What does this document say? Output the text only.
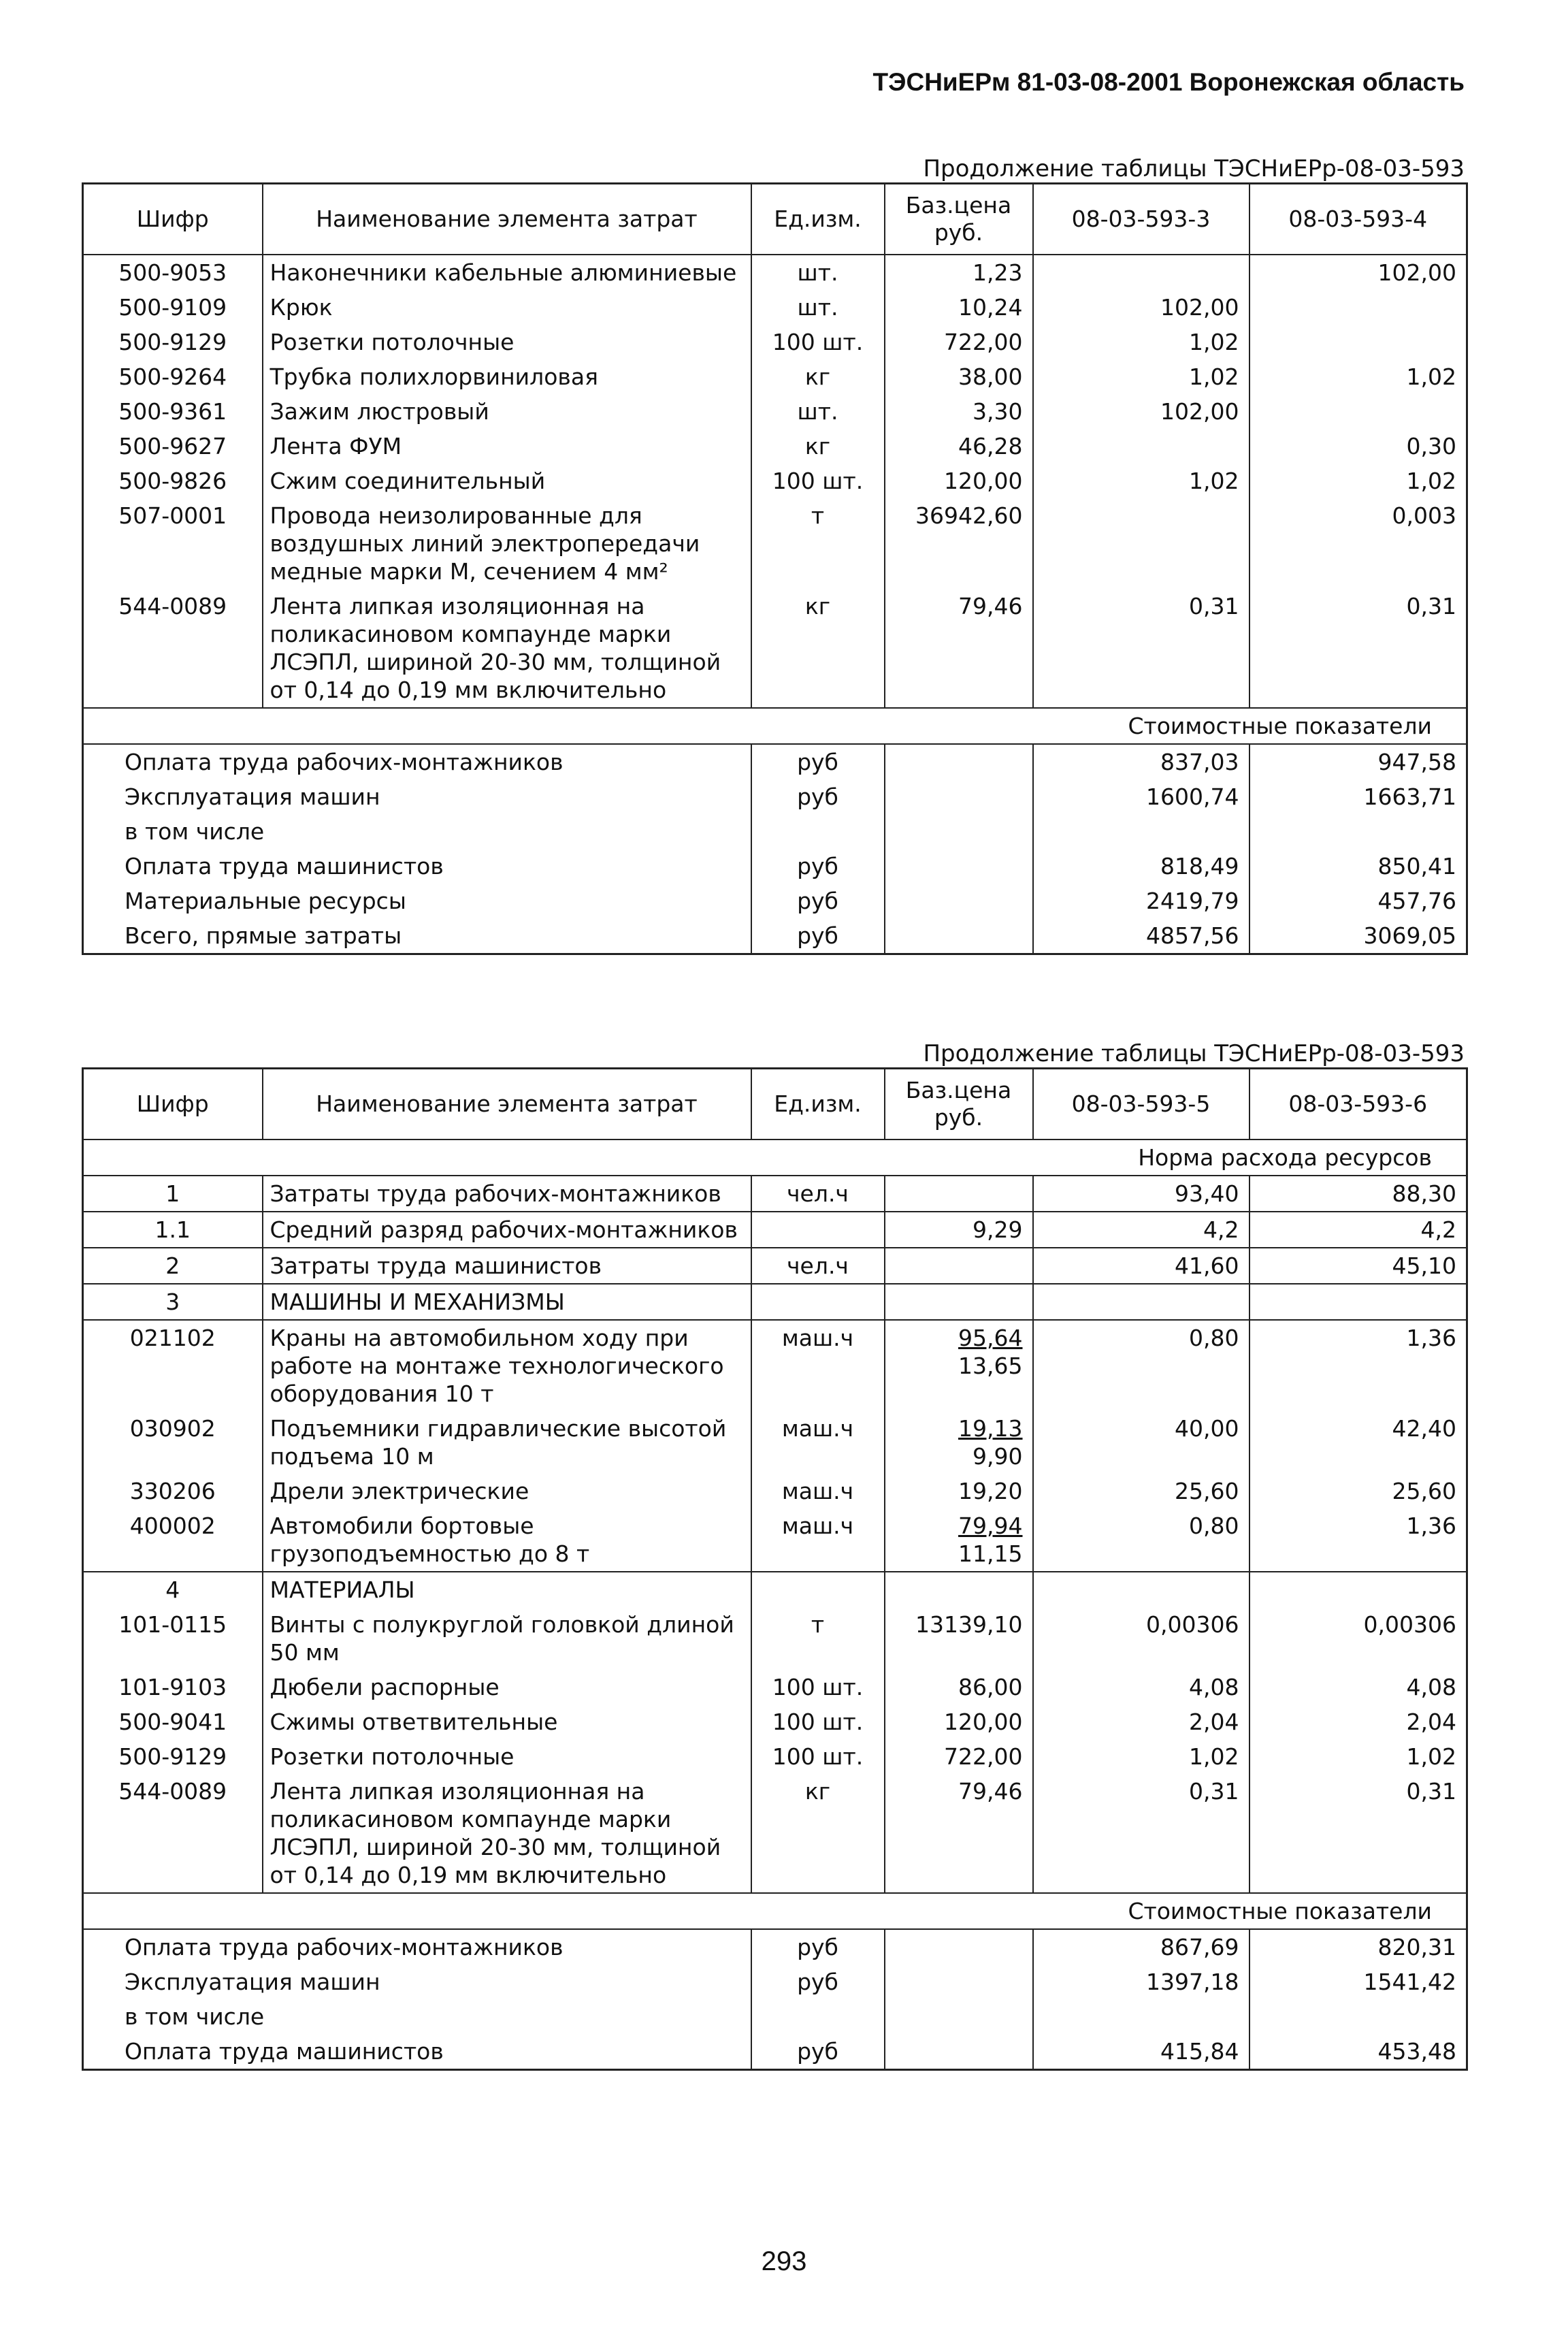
ТЭСНиЕРм 81-03-08-2001 Воронежская область
Продолжение таблицы ТЭСНиЕРр-08-03-593
Шифр	Наименование элемента затрат	Ед.изм.	Баз.цена руб.	08-03-593-3	08-03-593-4
500-9053	Наконечники кабельные алюминиевые	шт.	1,23		102,00
500-9109	Крюк	шт.	10,24	102,00	
500-9129	Розетки потолочные	100 шт.	722,00	1,02	
500-9264	Трубка полихлорвиниловая	кг	38,00	1,02	1,02
500-9361	Зажим люстровый	шт.	3,30	102,00	
500-9627	Лента ФУМ	кг	46,28		0,30
500-9826	Сжим соединительный	100 шт.	120,00	1,02	1,02
507-0001	Провода неизолированные для воздушных линий электропередачи медные марки М, сечением 4 мм²	т	36942,60		0,003
544-0089	Лента липкая изоляционная на поликасиновом компаунде марки ЛСЭПЛ, шириной 20-30 мм, толщиной от 0,14 до 0,19 мм включительно	кг	79,46	0,31	0,31
Стоимостные показатели					
Оплата труда рабочих-монтажников		руб		837,03	947,58
Эксплуатация машин		руб		1600,74	1663,71
в том числе					
Оплата труда машинистов		руб		818,49	850,41
Материальные ресурсы		руб		2419,79	457,76
Всего, прямые затраты		руб		4857,56	3069,05
Продолжение таблицы ТЭСНиЕРр-08-03-593
Шифр	Наименование элемента затрат	Ед.изм.	Баз.цена руб.	08-03-593-5	08-03-593-6
Норма расхода ресурсов					
1	Затраты труда рабочих-монтажников	чел.ч		93,40	88,30
1.1	Средний разряд рабочих-монтажников		9,29	4,2	4,2
2	Затраты труда машинистов	чел.ч		41,60	45,10
3	МАШИНЫ И МЕХАНИЗМЫ				
021102	Краны на автомобильном ходу при работе на монтаже технологического оборудования 10 т	маш.ч	$\frac{95,64}{13,65}$	0,80	1,36
030902	Подъемники гидравлические высотой подъема 10 м	маш.ч	$\frac{19,13}{9,90}$	40,00	42,40
330206	Дрели электрические	маш.ч	19,20	25,60	25,60
400002	Автомобили бортовые грузоподъемностью до 8 т	маш.ч	$\frac{79,94}{11,15}$	0,80	1,36
4	МАТЕРИАЛЫ				
101-0115	Винты с полукруглой головкой длиной 50 мм	т	13139,10	0,00306	0,00306
101-9103	Дюбели распорные	100 шт.	86,00	4,08	4,08
500-9041	Сжимы ответвительные	100 шт.	120,00	2,04	2,04
500-9129	Розетки потолочные	100 шт.	722,00	1,02	1,02
544-0089	Лента липкая изоляционная на поликасиновом компаунде марки ЛСЭПЛ, шириной 20-30 мм, толщиной от 0,14 до 0,19 мм включительно	кг	79,46	0,31	0,31
Стоимостные показатели					
Оплата труда рабочих-монтажников		руб		867,69	820,31
Эксплуатация машин		руб		1397,18	1541,42
в том числе					
Оплата труда машинистов		руб		415,84	453,48
293
